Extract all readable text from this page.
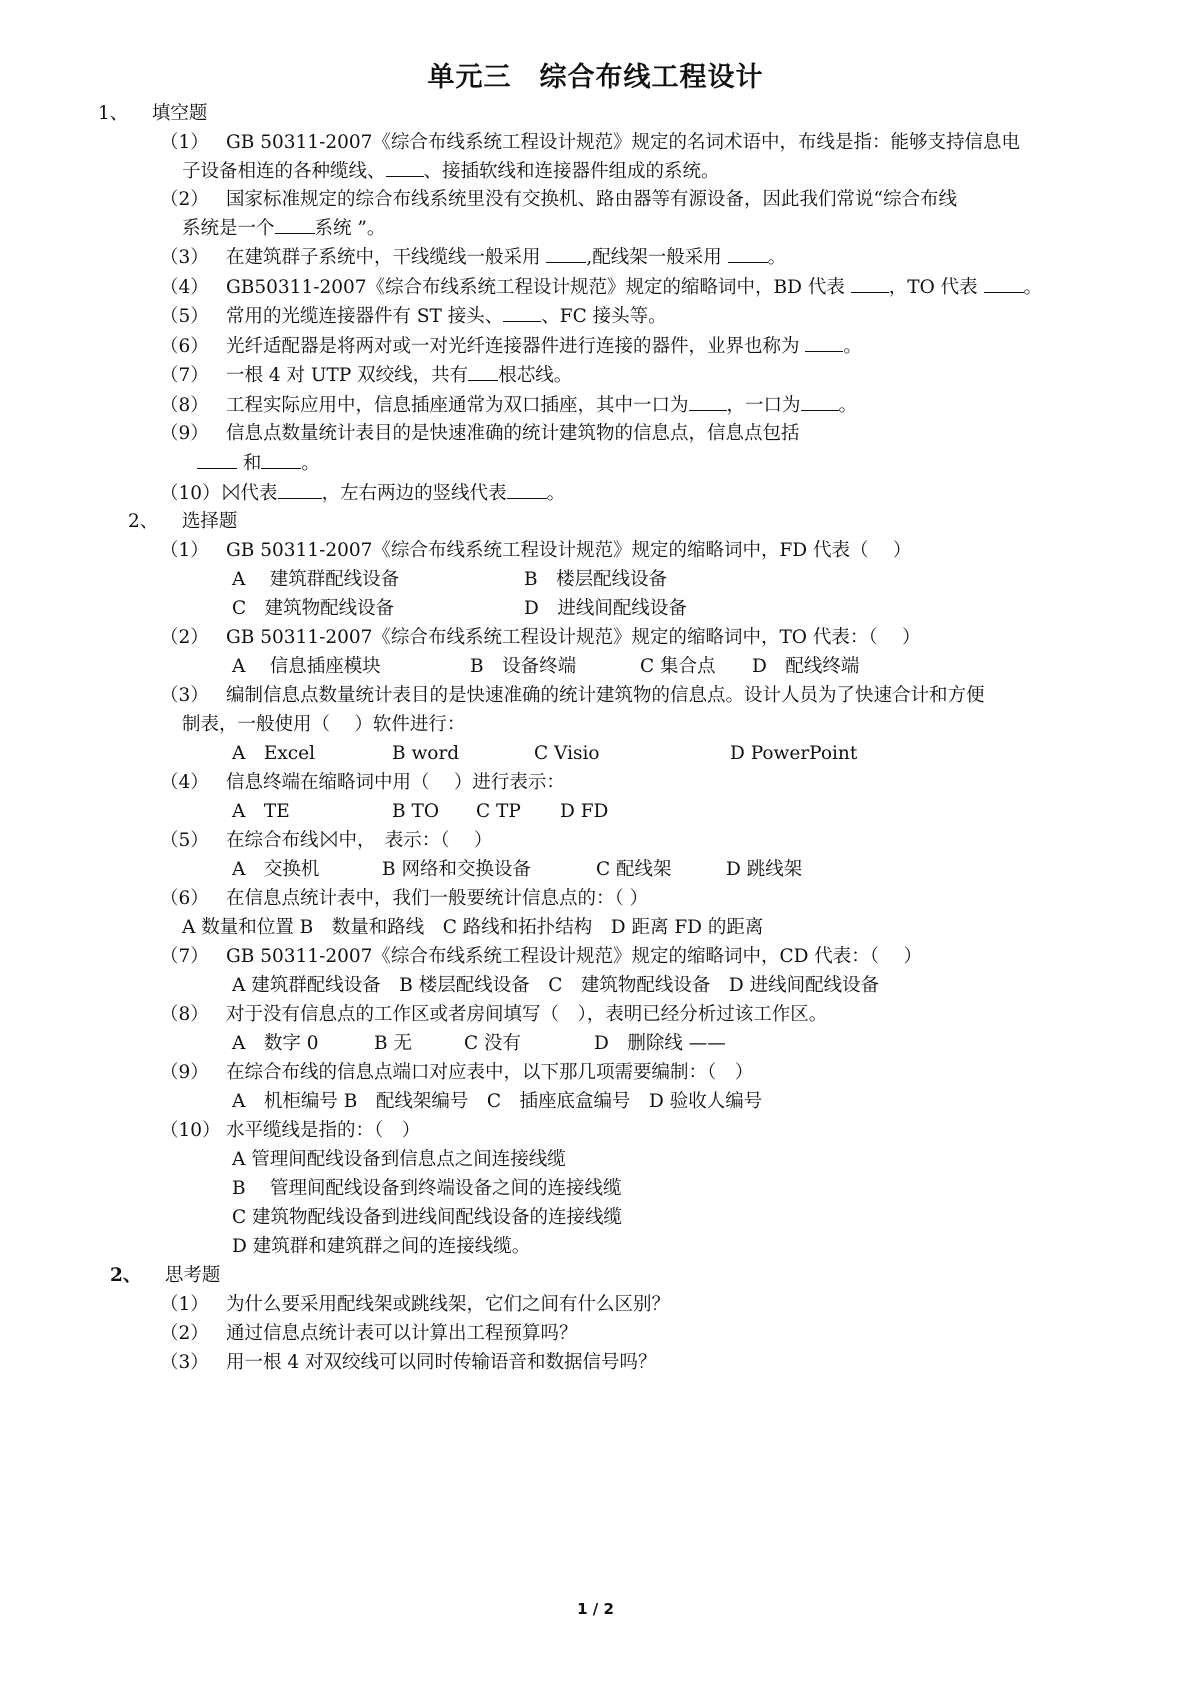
单元三　综合布线工程设计
1、 填空题
（1） GB 50311-2007《综合布线系统工程设计规范》规定的名词术语中，布线是指：能够支持信息电
子设备相连的各种缆线、 、接插软线和连接器件组成的系统。
（2） 国家标准规定的综合布线系统里没有交换机、路由器等有源设备，因此我们常说“综合布线
系统是一个 系统 ”。
（3） 在建筑群子系统中，干线缆线一般采用 ,配线架一般采用 。
（4） GB50311-2007《综合布线系统工程设计规范》规定的缩略词中，BD 代表 ，TO 代表 。
（5） 常用的光缆连接器件有 ST 接头、 、FC 接头等。
（6） 光纤适配器是将两对或一对光纤连接器件进行连接的器件，业界也称为 。
（7） 一根 4 对 UTP 双绞线，共有 根芯线。
（8） 工程实际应用中，信息插座通常为双口插座，其中一口为 ，一口为 。
（9） 信息点数量统计表目的是快速准确的统计建筑物的信息点，信息点包括
和 。
（10） 代表 ，左右两边的竖线代表 。
2、 选择题
（1） GB 50311-2007《综合布线系统工程设计规范》规定的缩略词中，FD 代表（　 ）
A　 建筑群配线设备	B　楼层配线设备
C　建筑物配线设备	D　进线间配线设备
（2） GB 50311-2007《综合布线系统工程设计规范》规定的缩略词中，TO 代表：（　 ）
A　 信息插座模块	B　设备终端	C 集合点 D　配线终端
（3） 编制信息点数量统计表目的是快速准确的统计建筑物的信息点。设计人员为了快速合计和方便
制表，一般使用（　 ）软件进行：
A　Excel	B word	C Visio	D PowerPoint
（4） 信息终端在缩略词中用（　 ）进行表示：
A　TE	B TO C TP D FD
（5） 在综合布线 中，　表示：（　 ）
A　交换机	B 网络和交换设备	C 配线架	D 跳线架
（6） 在信息点统计表中，我们一般要统计信息点的：（ ）
A 数量和位置 B　数量和路线　C 路线和拓扑结构　D 距离 FD 的距离
（7） GB 50311-2007《综合布线系统工程设计规范》规定的缩略词中，CD 代表：（　 ）
A 建筑群配线设备　B 楼层配线设备　C　建筑物配线设备　D 进线间配线设备
（8） 对于没有信息点的工作区或者房间填写（　），表明已经分析过该工作区。
A　数字 0	B 无	C 没有	D　删除线 ——
（9） 在综合布线的信息点端口对应表中，以下那几项需要编制：（　）
A　机柜编号 B　配线架编号　C　插座底盒编号　D 验收人编号
（10） 水平缆线是指的：（　）
A 管理间配线设备到信息点之间连接线缆
B　 管理间配线设备到终端设备之间的连接线缆
C 建筑物配线设备到进线间配线设备的连接线缆
D 建筑群和建筑群之间的连接线缆。
2、 思考题
（1） 为什么要采用配线架或跳线架，它们之间有什么区别？
（2） 通过信息点统计表可以计算出工程预算吗？
（3） 用一根 4 对双绞线可以同时传输语音和数据信号吗？
1 / 2
